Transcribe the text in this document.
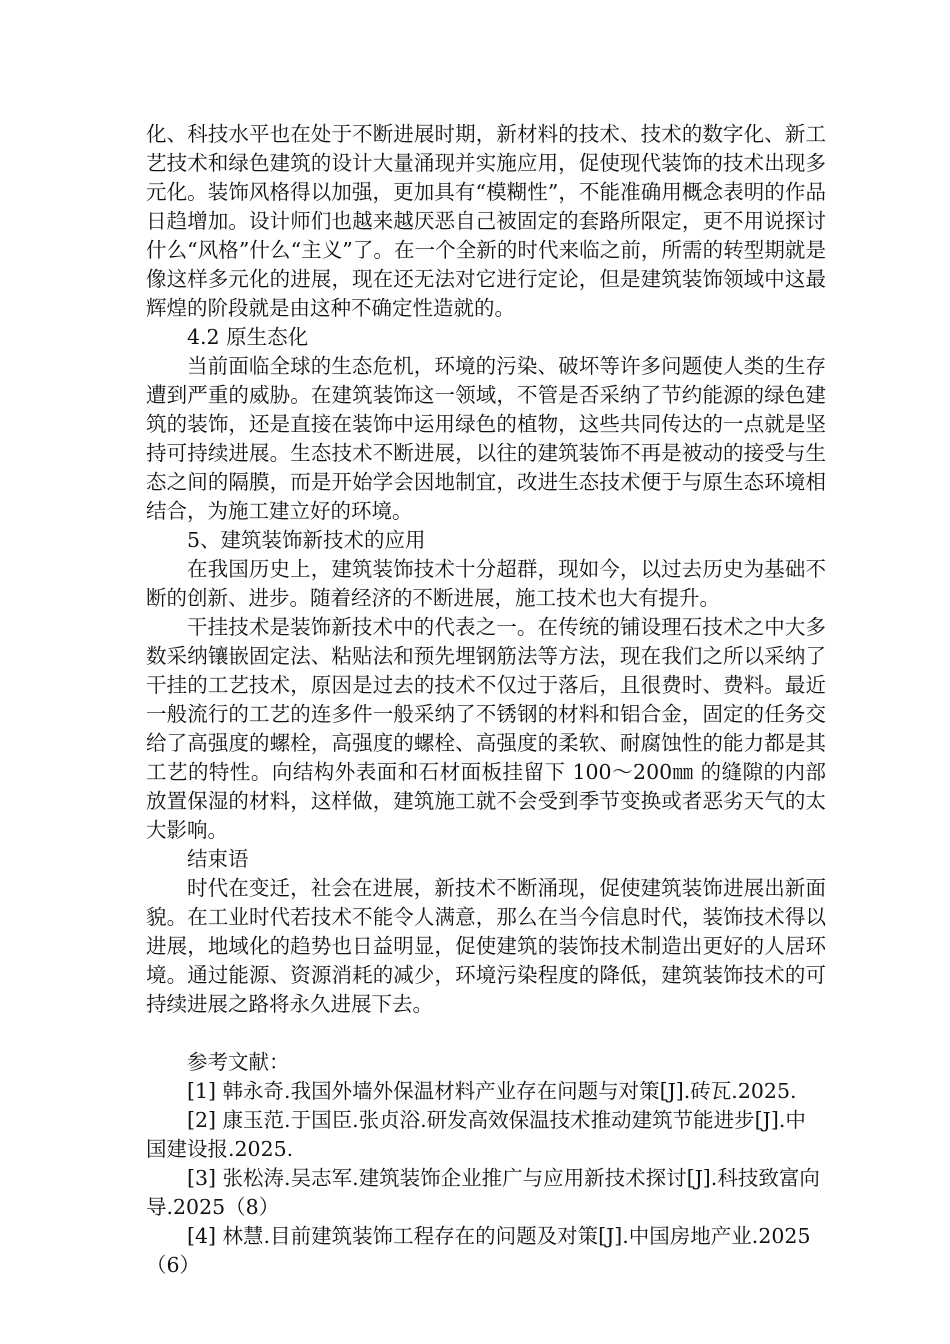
化、科技水平也在处于不断进展时期，新材料的技术、技术的数字化、新工艺技术和绿色建筑的设计大量涌现并实施应用，促使现代装饰的技术出现多元化。装饰风格得以加强，更加具有“模糊性”，不能准确用概念表明的作品日趋增加。设计师们也越来越厌恶自己被固定的套路所限定，更不用说探讨什么“风格”什么“主义”了。在一个全新的时代来临之前，所需的转型期就是像这样多元化的进展，现在还无法对它进行定论，但是建筑装饰领域中这最辉煌的阶段就是由这种不确定性造就的。

4.2 原生态化

当前面临全球的生态危机，环境的污染、破坏等许多问题使人类的生存遭到严重的威胁。在建筑装饰这一领域，不管是否采纳了节约能源的绿色建筑的装饰，还是直接在装饰中运用绿色的植物，这些共同传达的一点就是坚持可持续进展。生态技术不断进展，以往的建筑装饰不再是被动的接受与生态之间的隔膜，而是开始学会因地制宜，改进生态技术便于与原生态环境相结合，为施工建立好的环境。

5、建筑装饰新技术的应用

在我国历史上，建筑装饰技术十分超群，现如今，以过去历史为基础不断的创新、进步。随着经济的不断进展，施工技术也大有提升。

干挂技术是装饰新技术中的代表之一。在传统的铺设理石技术之中大多数采纳镶嵌固定法、粘贴法和预先埋钢筋法等方法，现在我们之所以采纳了干挂的工艺技术，原因是过去的技术不仅过于落后，且很费时、费料。最近一般流行的工艺的连多件一般采纳了不锈钢的材料和铝合金，固定的任务交给了高强度的螺栓，高强度的螺栓、高强度的柔软、耐腐蚀性的能力都是其工艺的特性。向结构外表面和石材面板挂留下 100～200㎜ 的缝隙的内部放置保湿的材料，这样做，建筑施工就不会受到季节变换或者恶劣天气的太大影响。

结束语

时代在变迁，社会在进展，新技术不断涌现，促使建筑装饰进展出新面貌。在工业时代若技术不能令人满意，那么在当今信息时代，装饰技术得以进展，地域化的趋势也日益明显，促使建筑的装饰技术制造出更好的人居环境。通过能源、资源消耗的减少，环境污染程度的降低，建筑装饰技术的可持续进展之路将永久进展下去。

参考文献：

[1] 韩永奇.我国外墙外保温材料产业存在问题与对策[J].砖瓦.2025.

[2] 康玉范.于国臣.张贞浴.研发高效保温技术推动建筑节能进步[J].中国建设报.2025.

[3] 张松涛.吴志军.建筑装饰企业推广与应用新技术探讨[J].科技致富向导.2025（8）

[4] 林慧.目前建筑装饰工程存在的问题及对策[J].中国房地产业.2025（6）
